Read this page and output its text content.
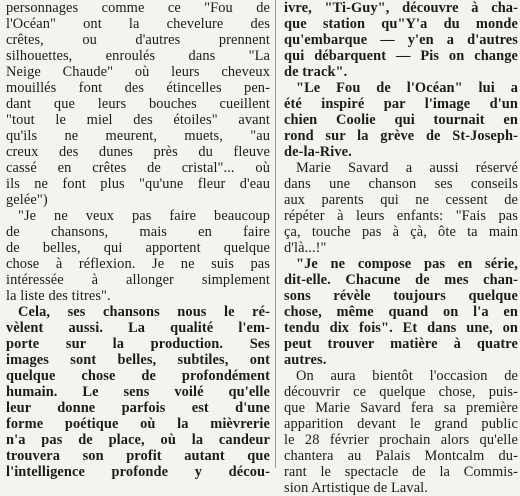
personnages comme ce "Fou de
l'Océan" ont la chevelure des
crêtes, ou d'autres prennent
silhouettes, enroulés dans "La
Neige Chaude" où leurs cheveux
mouillés font des étincelles pen-
dant que leurs bouches cueillent
"tout le miel des étoiles" avant
qu'ils ne meurent, muets, "au
creux des dunes près du fleuve
cassé en crêtes de cristal"... où
ils ne font plus "qu'une fleur d'eau
gelée")
"Je ne veux pas faire beaucoup
de chansons, mais en faire
de belles, qui apportent quelque
chose à réflexion. Je ne suis pas
intéressée à allonger simplement
la liste des titres".
Cela, ses chansons nous le ré-
vèlent aussi. La qualité l'em-
porte sur la production. Ses
images sont belles, subtiles, ont
quelque chose de profondément
humain. Le sens voilé qu'elle
leur donne parfois est d'une
forme poétique où la mièvrerie
n'a pas de place, où la candeur
trouvera son profit autant que
l'intelligence profonde y décou-
ivre, "Ti-Guy", découvre à cha-
que station qu"Y'a du monde
qu'embarque — y'en a d'autres
qui débarquent — Pis on change
de track".
"Le Fou de l'Océan" lui a
été inspiré par l'image d'un
chien Coolie qui tournait en
rond sur la grève de St-Joseph-
de-la-Rive.
Marie Savard a aussi réservé
dans une chanson ses conseils
aux parents qui ne cessent de
répéter à leurs enfants: "Fais pas
ça, touche pas à çà, ôte ta main
d'là...!"
"Je ne compose pas en série,
dit-elle. Chacune de mes chan-
sons révèle toujours quelque
chose, même quand on l'a en
tendu dix fois". Et dans une, on
peut trouver matière à quatre
autres.
On aura bientôt l'occasion de
découvrir ce quelque chose, puis-
que Marie Savard fera sa première
apparition devant le grand public
le 28 février prochain alors qu'elle
chantera au Palais Montcalm du-
rant le spectacle de la Commis-
sion Artistique de Laval.
